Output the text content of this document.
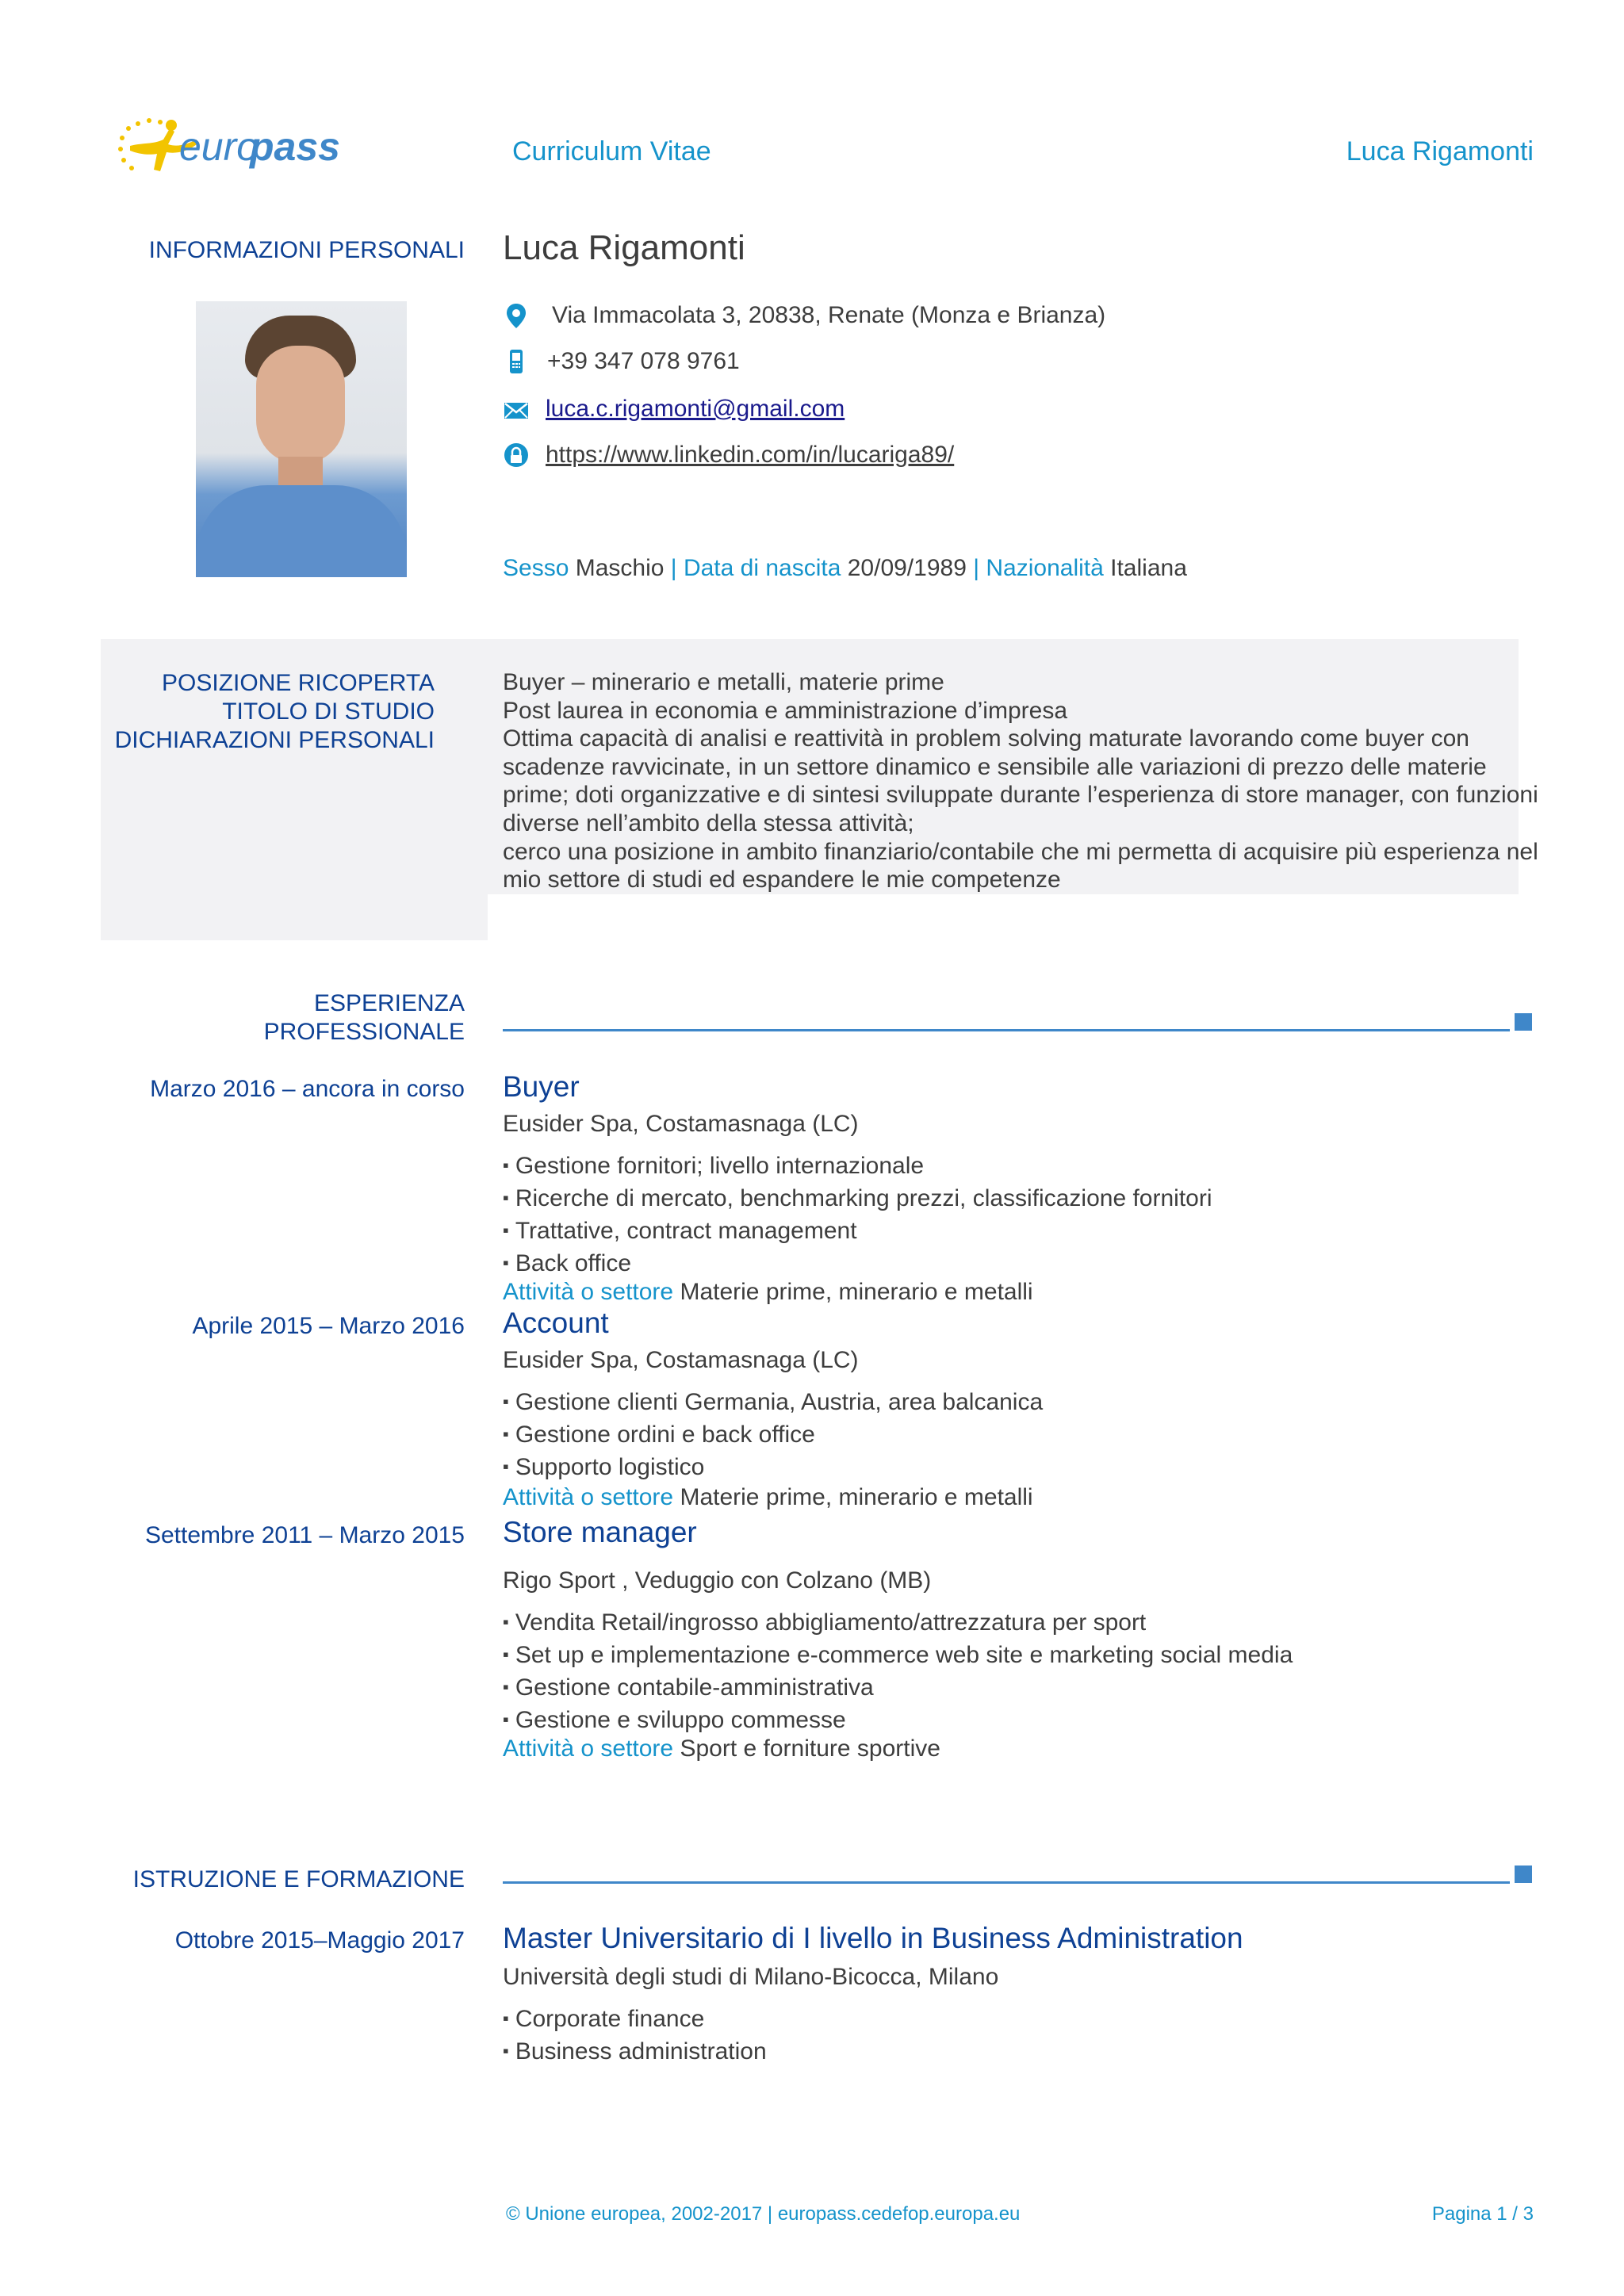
euro
pass	Curriculum Vitae	Luca Rigamonti
INFORMAZIONI PERSONALI Luca Rigamonti
Via Immacolata 3, 20838, Renate (Monza e Brianza)
+39 347 078 9761
luca.c.rigamonti@gmail.com
https://www.linkedin.com/in/lucariga89/
Sesso Maschio | Data di nascita 20/09/1989 | Nazionalità Italiana
POSIZIONE RICOPERTA
TITOLO DI STUDIO
DICHIARAZIONI PERSONALI
Buyer – minerario e metalli, materie prime
Post laurea in economia e amministrazione d’impresa
Ottima capacità di analisi e reattività in problem solving maturate lavorando come buyer con
scadenze ravvicinate, in un settore dinamico e sensibile alle variazioni di prezzo delle materie
prime; doti organizzative e di sintesi sviluppate durante l’esperienza di store manager, con funzioni
diverse nell’ambito della stessa attività;
cerco una posizione in ambito finanziario/contabile che mi permetta di acquisire più esperienza nel
mio settore di studi ed espandere le mie competenze
ESPERIENZA
PROFESSIONALE
Marzo 2016 – ancora in corso Buyer
Eusider Spa, Costamasnaga (LC)
▪ Gestione fornitori; livello internazionale
▪ Ricerche di mercato, benchmarking prezzi, classificazione fornitori
▪ Trattative, contract management
▪ Back office
Attività o settore Materie prime, minerario e metalli
Aprile 2015 – Marzo 2016 Account
Eusider Spa, Costamasnaga (LC)
▪ Gestione clienti Germania, Austria, area balcanica
▪ Gestione ordini e back office
▪ Supporto logistico
Attività o settore Materie prime, minerario e metalli
Settembre 2011 – Marzo 2015 Store manager
Rigo Sport , Veduggio con Colzano (MB)
▪ Vendita Retail/ingrosso abbigliamento/attrezzatura per sport
▪ Set up e implementazione e-commerce web site e marketing social media
▪ Gestione contabile-amministrativa
▪ Gestione e sviluppo commesse
Attività o settore Sport e forniture sportive
ISTRUZIONE E FORMAZIONE
Ottobre 2015–Maggio 2017 Master Universitario di I livello in Business Administration
Università degli studi di Milano-Bicocca, Milano
▪ Corporate finance
▪ Business administration
© Unione europea, 2002-2017 | europass.cedefop.europa.eu	Pagina 1 / 3
